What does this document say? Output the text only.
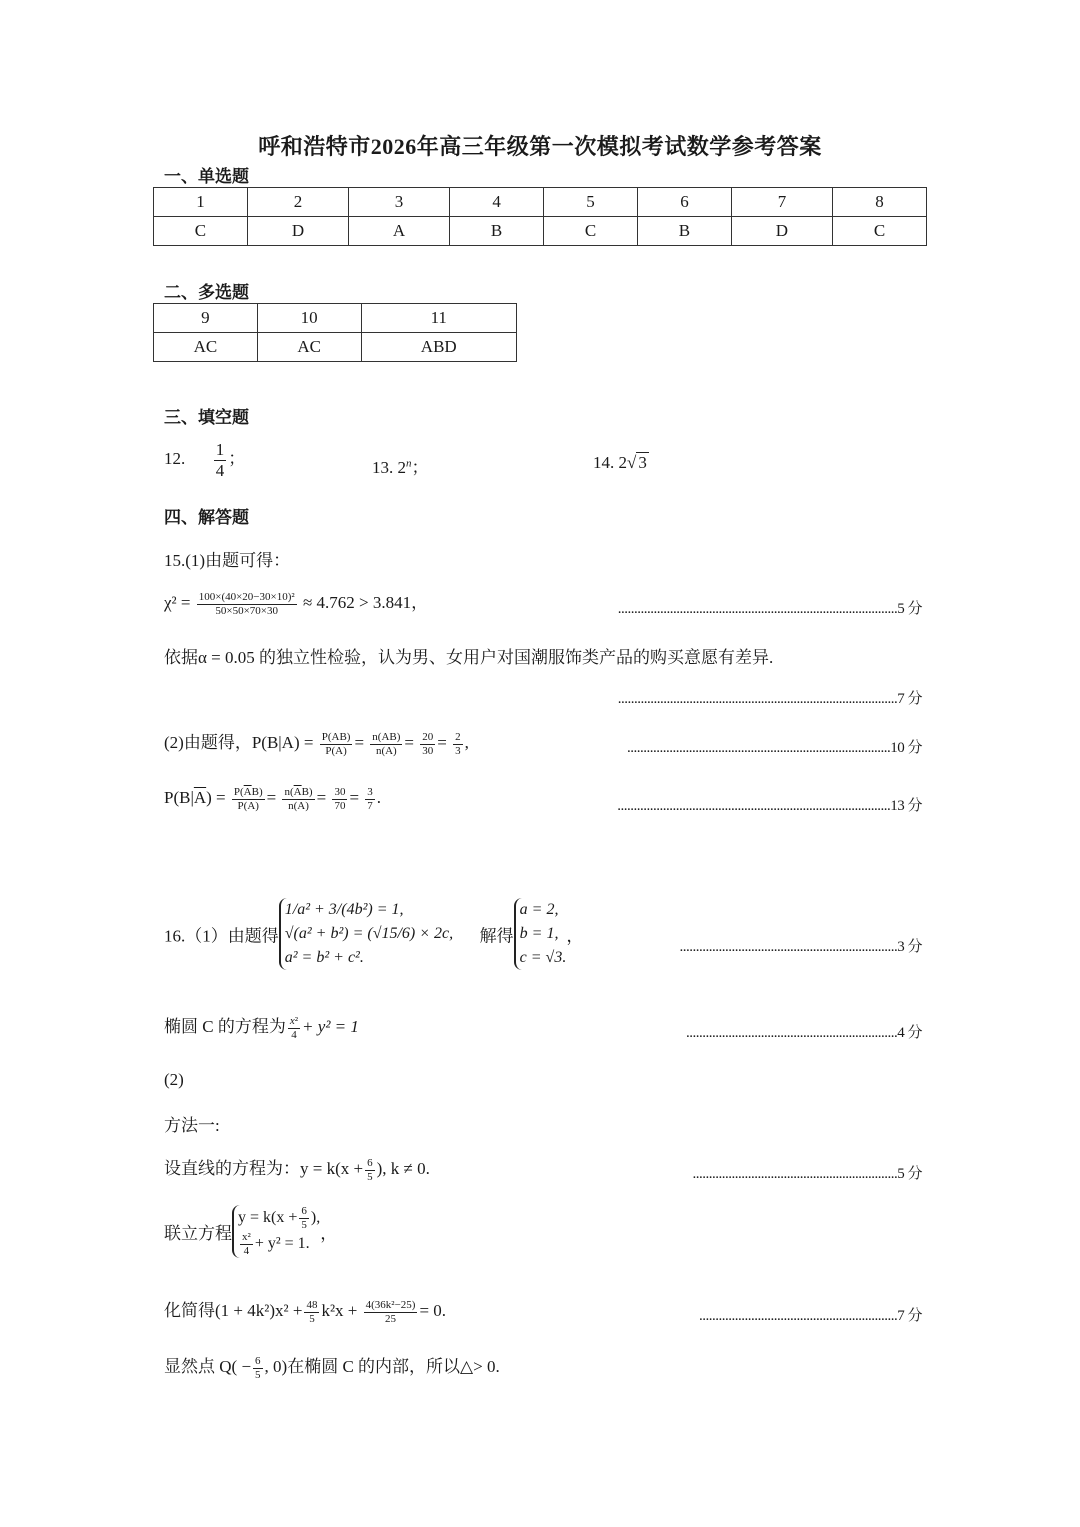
呼和浩特市2026年高三年级第一次模拟考试数学参考答案
一、单选题
1	2	3	4	5	6	7	8
C	D	A	B	C	B	D	C
二、多选题
9	10	11
AC	AC	ABD
三、填空题
12. $\frac{1}{4}$ ；	13. 2$^n$；	14. 2√ 3
四、解答题
15.(1)由题可得：
$\chi^2 = \frac{\text{100×(40×20−30×10)²}}{50\times 50\times 70\times 30} \approx 4.762 > 3.841$，	......................................................................................5 分
依据α = 0.05 的独立性检验，认为男、女用户对国潮服饰类产品的购买意愿有差异.
......................................................................................7 分
(2)由题得，$P(B|A) = \frac{P(AB)}{P(A)} = \frac{n(AB)}{n(A)} = \frac{20}{30} = \frac{2}{3}$ ,	.................................................................................10 分
$P(B|\overline{A}) = \frac{P(\overline{A}B)}{P(\overline{A})} = \frac{n(\overline{A}B)}{n(\overline{A})} = \frac{30}{70} = \frac{3}{7}$ .	....................................................................................13 分
16.（1）由题得
1/a² + 3/(4b²) = 1,
√(a² + b²) = (√15/6) × 2c,
a² = b² + c².
解得
a = 2,
b = 1,
c = √3.
，
...................................................................3 分
椭圆 C 的方程为 $\frac{\text{x²}}{4} + y^2 = 1$	.................................................................4 分
(2)
方法一:
设直线的方程为：$y = k(x + \frac{6}{5}$ ), k ≠ 0.	...............................................................5 分
联立方程
$y = k(x + \frac{6}{5}$ ),
$\frac{\text{x²}}{4} + y^2 = 1$.
，
化简得$(1 + 4k^2)x^2 + \frac{48}{5} k^2x + \frac{\text{4(36k²−25)}}{25} = 0$.	.............................................................7 分
显然点 $Q( - \frac{6}{5}$ , 0)在椭圆 C 的内部，所以△> 0.
